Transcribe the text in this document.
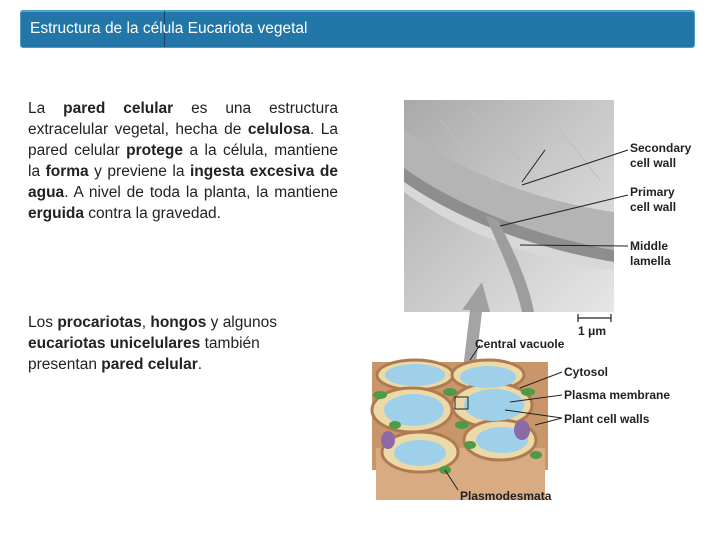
Estructura de la célula Eucariota vegetal
La pared celular es una estructura extracelular vegetal, hecha de celulosa. La pared celular protege a la célula, mantiene la forma y previene la ingesta excesiva de agua. A nivel de toda la planta, la mantiene erguida contra la gravedad.
Los procariotas, hongos y algunos eucariotas unicelulares también presentan pared celular.
Secondary
cell wall
Primary
cell wall
Middle
lamella
1 μm
Central vacuole
Cytosol
Plasma membrane
Plant cell walls
Plasmodesmata
